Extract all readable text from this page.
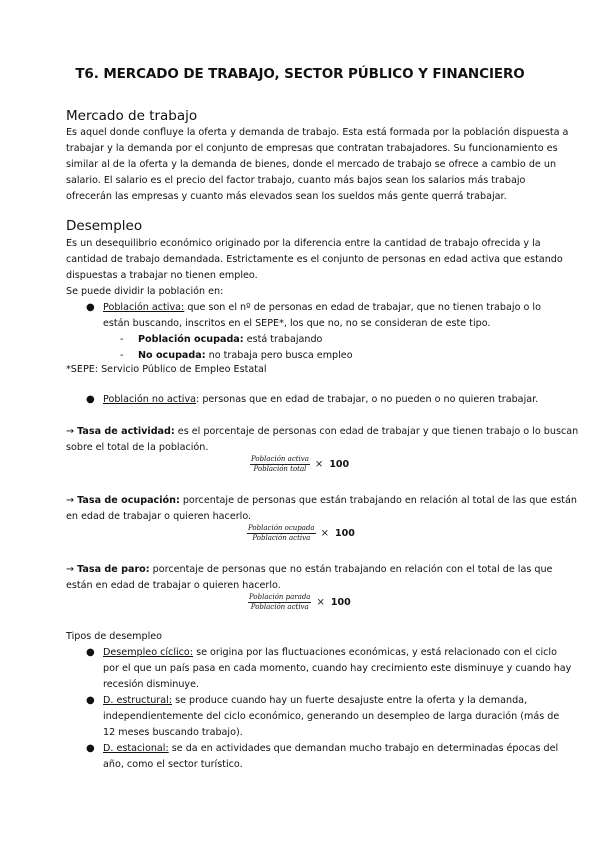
T6. MERCADO DE TRABAJO, SECTOR PÚBLICO Y FINANCIERO
Mercado de trabajo
Es aquel donde confluye la oferta y demanda de trabajo. Esta está formada por la población dispuesta a
trabajar y la demanda por el conjunto de empresas que contratan trabajadores. Su funcionamiento es
similar al de la oferta y la demanda de bienes, donde el mercado de trabajo se ofrece a cambio de un
salario. El salario es el precio del factor trabajo, cuanto más bajos sean los salarios más trabajo
ofrecerán las empresas y cuanto más elevados sean los sueldos más gente querrá trabajar.
Desempleo
Es un desequilibrio económico originado por la diferencia entre la cantidad de trabajo ofrecida y la
cantidad de trabajo demandada. Estrictamente es el conjunto de personas en edad activa que estando
dispuestas a trabajar no tienen empleo.
Se puede dividir la población en:
● Población activa: que son el nº de personas en edad de trabajar, que no tienen trabajo o lo
están buscando, inscritos en el SEPE*, los que no, no se consideran de este tipo.
- Población ocupada: está trabajando
- No ocupada: no trabaja pero busca empleo
*SEPE: Servicio Público de Empleo Estatal
● Población no activa: personas que en edad de trabajar, o no pueden o no quieren trabajar.
→ Tasa de actividad: es el porcentaje de personas con edad de trabajar y que tienen trabajo o lo buscan
sobre el total de la población.
$\frac{\text{Población activa}}{\text{Población total}} \times 100$
→ Tasa de ocupación: porcentaje de personas que están trabajando en relación al total de las que están
en edad de trabajar o quieren hacerlo.
$\frac{\text{Población ocupada}}{\text{Población activa}} \times 100$
→ Tasa de paro: porcentaje de personas que no están trabajando en relación con el total de las que
están en edad de trabajar o quieren hacerlo.
$\frac{\text{Población parada}}{\text{Población activa}} \times 100$
Tipos de desempleo
● Desempleo cíclico: se origina por las fluctuaciones económicas, y está relacionado con el ciclo
por el que un país pasa en cada momento, cuando hay crecimiento este disminuye y cuando hay
recesión disminuye.
● D. estructural: se produce cuando hay un fuerte desajuste entre la oferta y la demanda,
independientemente del ciclo económico, generando un desempleo de larga duración (más de
12 meses buscando trabajo).
● D. estacional: se da en actividades que demandan mucho trabajo en determinadas épocas del
año, como el sector turístico.
